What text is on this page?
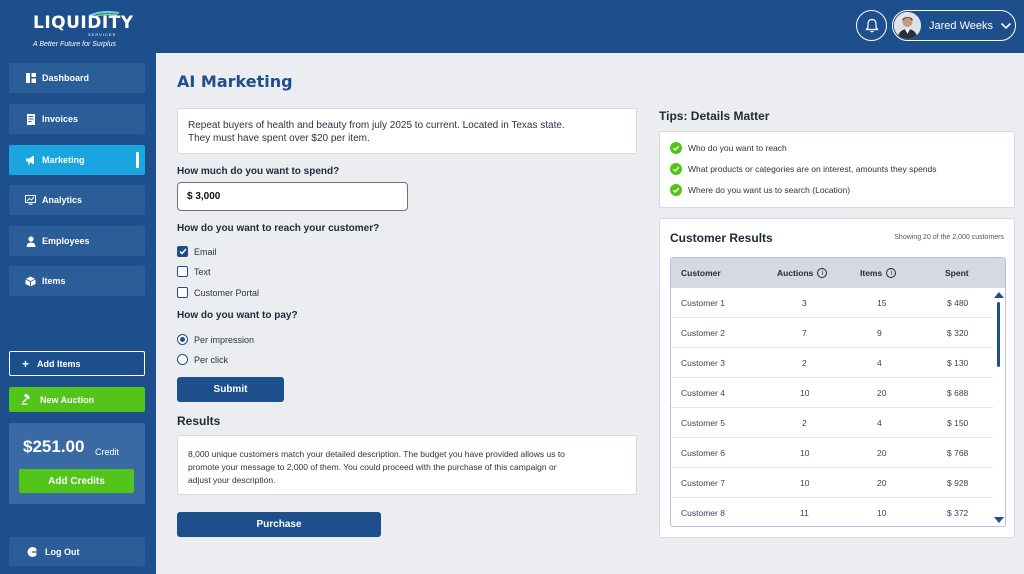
LIQUIDITY
SERVICES
A Better Future for Surplus
Jared Weeks
Dashboard
Invoices
Marketing
Analytics
Employees
Items
+ Add Items
New Auction
$251.00 Credit
Add Credits
Log Out
AI Marketing
Repeat buyers of health and beauty from july 2025 to current. Located in Texas state.
They must have spent over $20 per item.
How much do you want to spend?
$ 3,000
How do you want to reach your customer?
Email
Text
Customer Portal
How do you want to pay?
Per impression
Per click
Submit
Results
8,000 unique customers match your detailed description. The budget you have provided allows us to
promote your message to 2,000 of them. You could proceed with the purchase of this campaign or
adjust your description.
Purchase
Tips: Details Matter
Who do you want to reach
What products or categories are on interest, amounts they spends
Where do you want us to search (Location)
Customer Results	Showing 20 of the 2,000 customers
Customer	Auctions	i	Items	i	Spent
Customer 1	3	15	$ 480
Customer 2	7	9	$ 320
Customer 3	2	4	$ 130
Customer 4	10	20	$ 688
Customer 5	2	4	$ 150
Customer 6	10	20	$ 768
Customer 7	10	20	$ 928
Customer 8	11	10	$ 372
